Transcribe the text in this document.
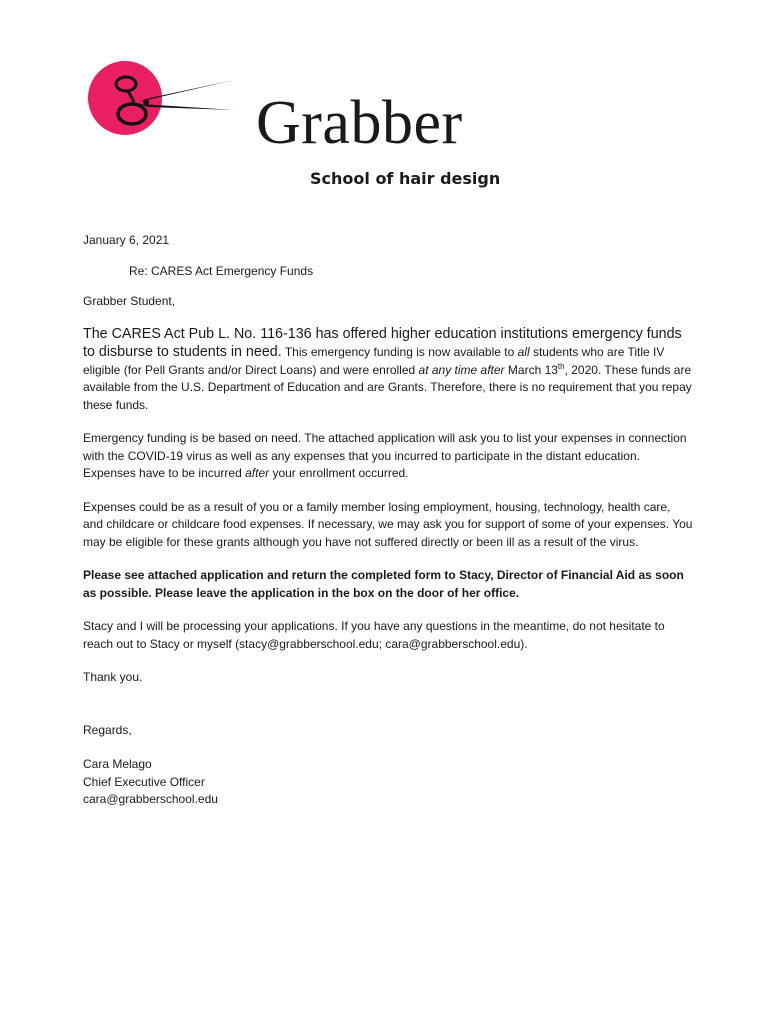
Grabber
School of hair design

January 6, 2021

Re: CARES Act Emergency Funds

Grabber Student,

The CARES Act Pub L. No. 116-136 has offered higher education institutions emergency funds to disburse to students in need. This emergency funding is now available to all students who are Title IV eligible (for Pell Grants and/or Direct Loans) and were enrolled at any time after March 13th, 2020. These funds are available from the U.S. Department of Education and are Grants. Therefore, there is no requirement that you repay these funds.

Emergency funding is be based on need. The attached application will ask you to list your expenses in connection with the COVID-19 virus as well as any expenses that you incurred to participate in the distant education. Expenses have to be incurred after your enrollment occurred.

Expenses could be as a result of you or a family member losing employment, housing, technology, health care, and childcare or childcare food expenses. If necessary, we may ask you for support of some of your expenses. You may be eligible for these grants although you have not suffered directly or been ill as a result of the virus.

Please see attached application and return the completed form to Stacy, Director of Financial Aid as soon as possible. Please leave the application in the box on the door of her office.

Stacy and I will be processing your applications. If you have any questions in the meantime, do not hesitate to reach out to Stacy or myself (stacy@grabberschool.edu; cara@grabberschool.edu).

Thank you.

Regards,

Cara Melago

Chief Executive Officer

cara@grabberschool.edu
